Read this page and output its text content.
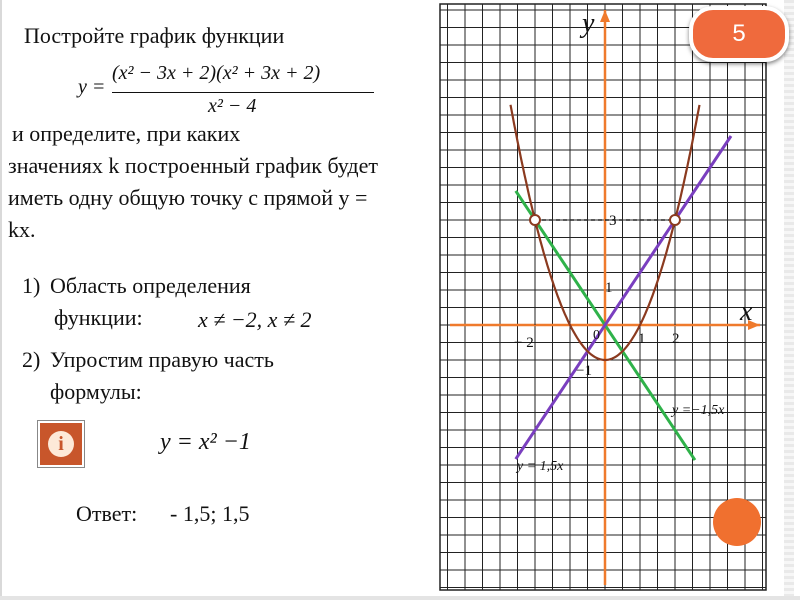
y
x
3
1
0
−1
− 2	1 2
y =−1,5x
y = 1,5x
Постройте график функции
y =
(x² − 3x + 2)(x² + 3x + 2)
x² − 4
и определите, при каких
значениях k построенный график будет
иметь одну общую точку с прямой y =
kx.
1) Область определения
функции:	x ≠ −2, x ≠ 2
2) Упростим правую часть
формулы:
i	y = x² −1
Ответ: - 1,5; 1,5
5
